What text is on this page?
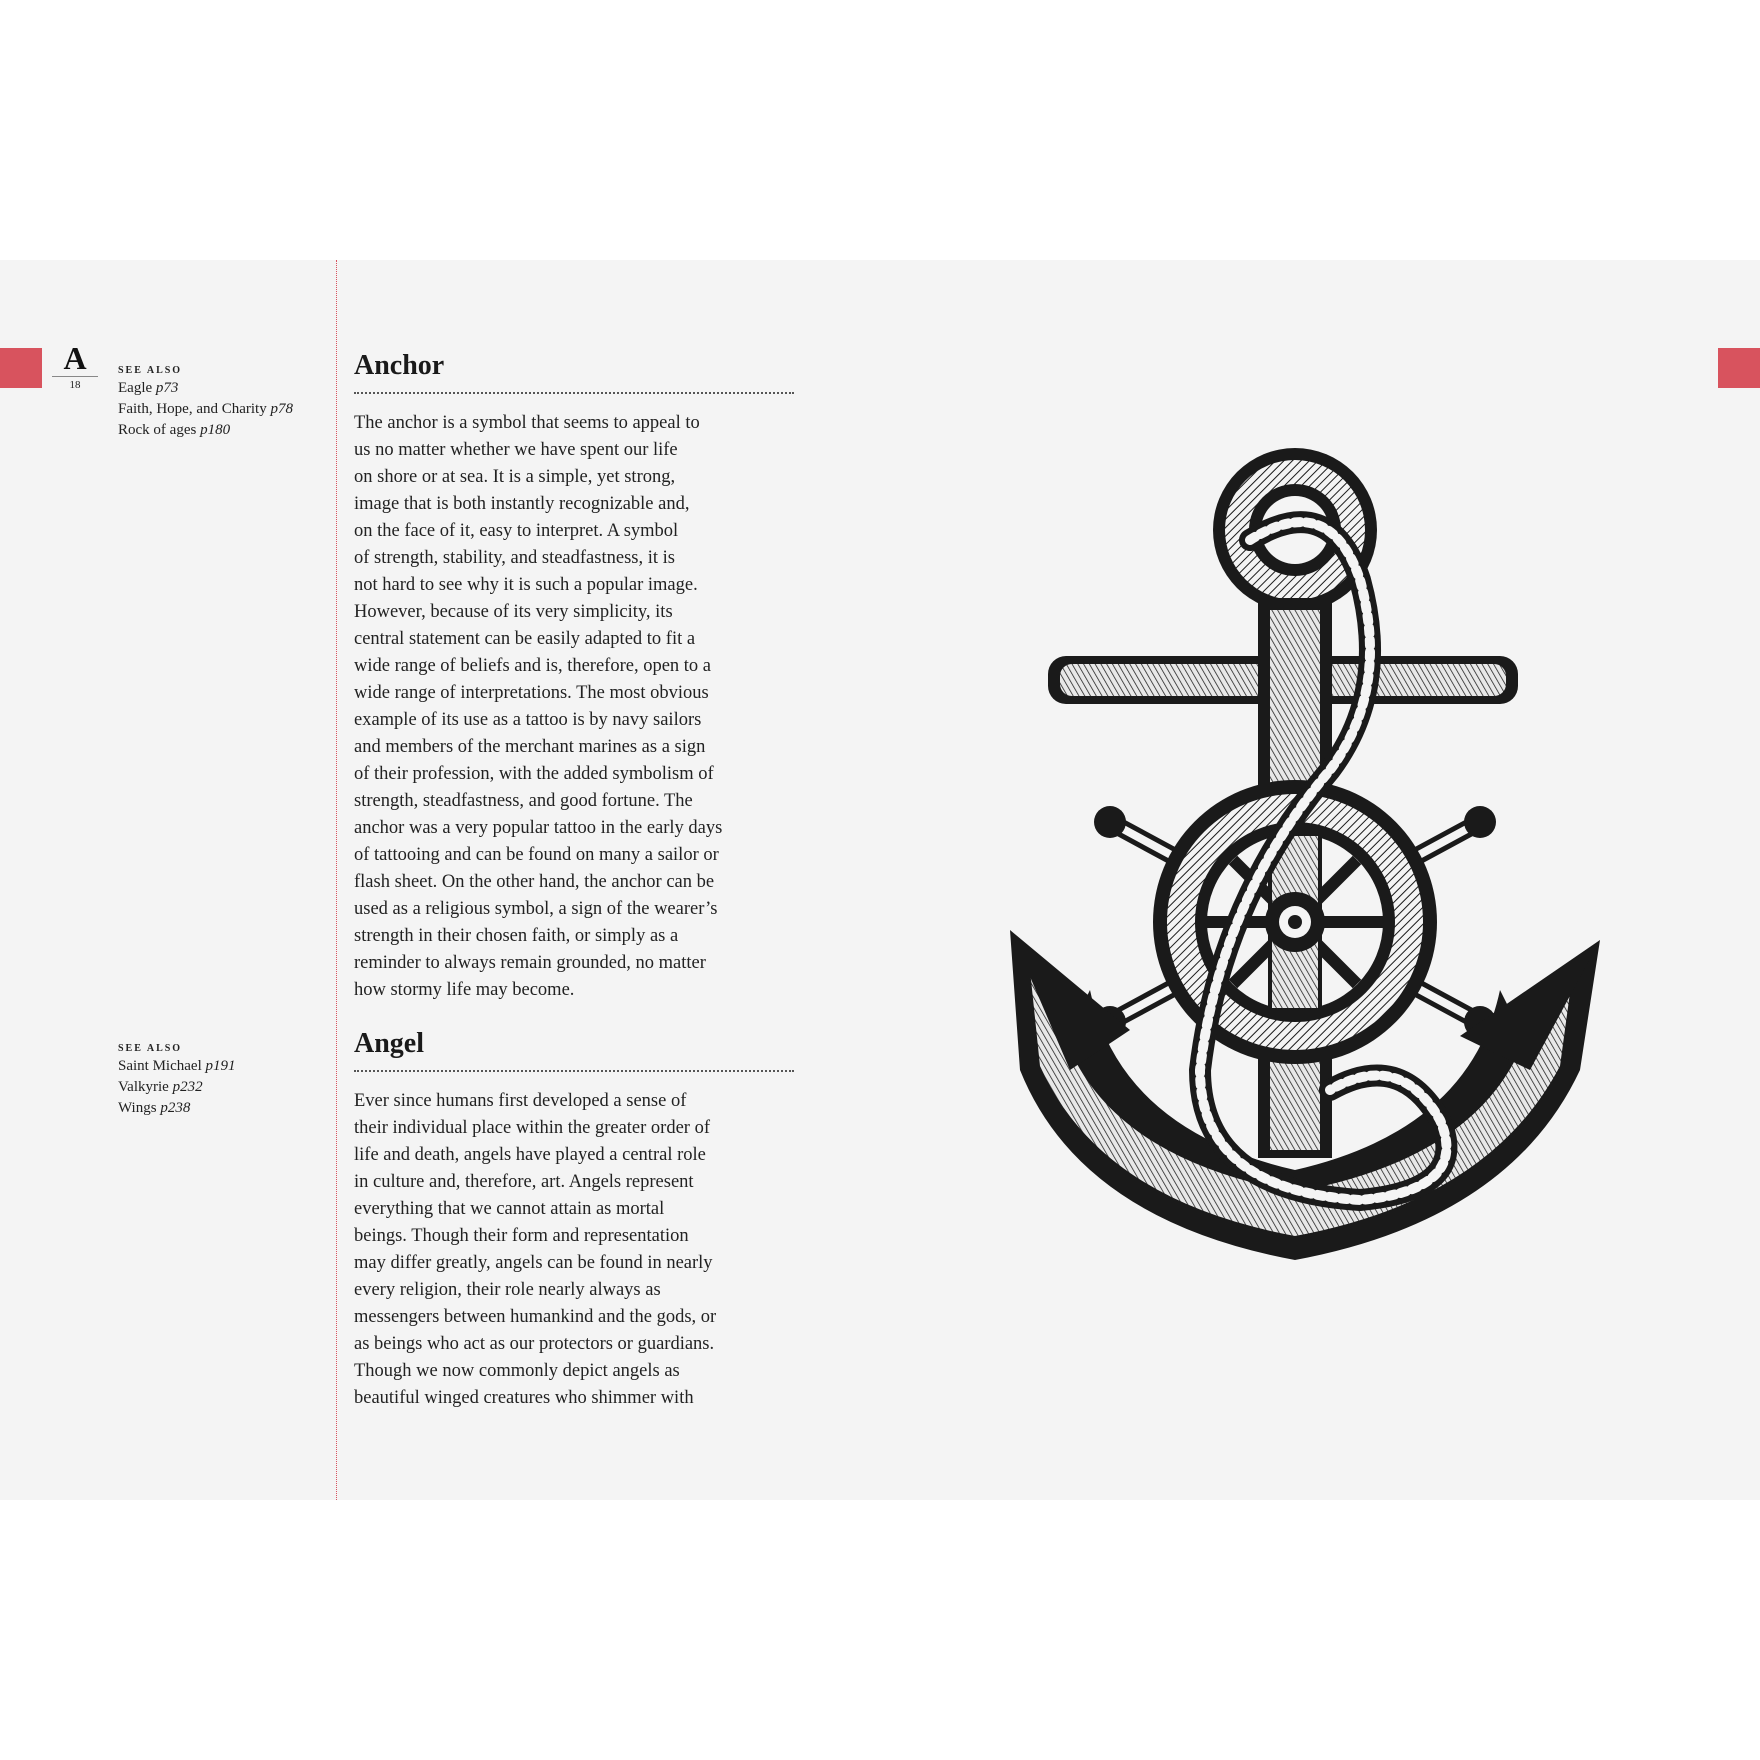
A
18
SEE ALSO
Eagle p73
Faith, Hope, and Charity p78
Rock of ages p180
SEE ALSO
Saint Michael p191
Valkyrie p232
Wings p238
Anchor

The anchor is a symbol that seems to appeal to
us no matter whether we have spent our life
on shore or at sea. It is a simple, yet strong,
image that is both instantly recognizable and,
on the face of it, easy to interpret. A symbol
of strength, stability, and steadfastness, it is
not hard to see why it is such a popular image.
However, because of its very simplicity, its
central statement can be easily adapted to fit a
wide range of beliefs and is, therefore, open to a
wide range of interpretations. The most obvious
example of its use as a tattoo is by navy sailors
and members of the merchant marines as a sign
of their profession, with the added symbolism of
strength, steadfastness, and good fortune. The
anchor was a very popular tattoo in the early days
of tattooing and can be found on many a sailor or
flash sheet. On the other hand, the anchor can be
used as a religious symbol, a sign of the wearer’s
strength in their chosen faith, or simply as a
reminder to always remain grounded, no matter
how stormy life may become.

Angel

Ever since humans first developed a sense of
their individual place within the greater order of
life and death, angels have played a central role
in culture and, therefore, art. Angels represent
everything that we cannot attain as mortal
beings. Though their form and representation
may differ greatly, angels can be found in nearly
every religion, their role nearly always as
messengers between humankind and the gods, or
as beings who act as our protectors or guardians.
Though we now commonly depict angels as
beautiful winged creatures who shimmer with
